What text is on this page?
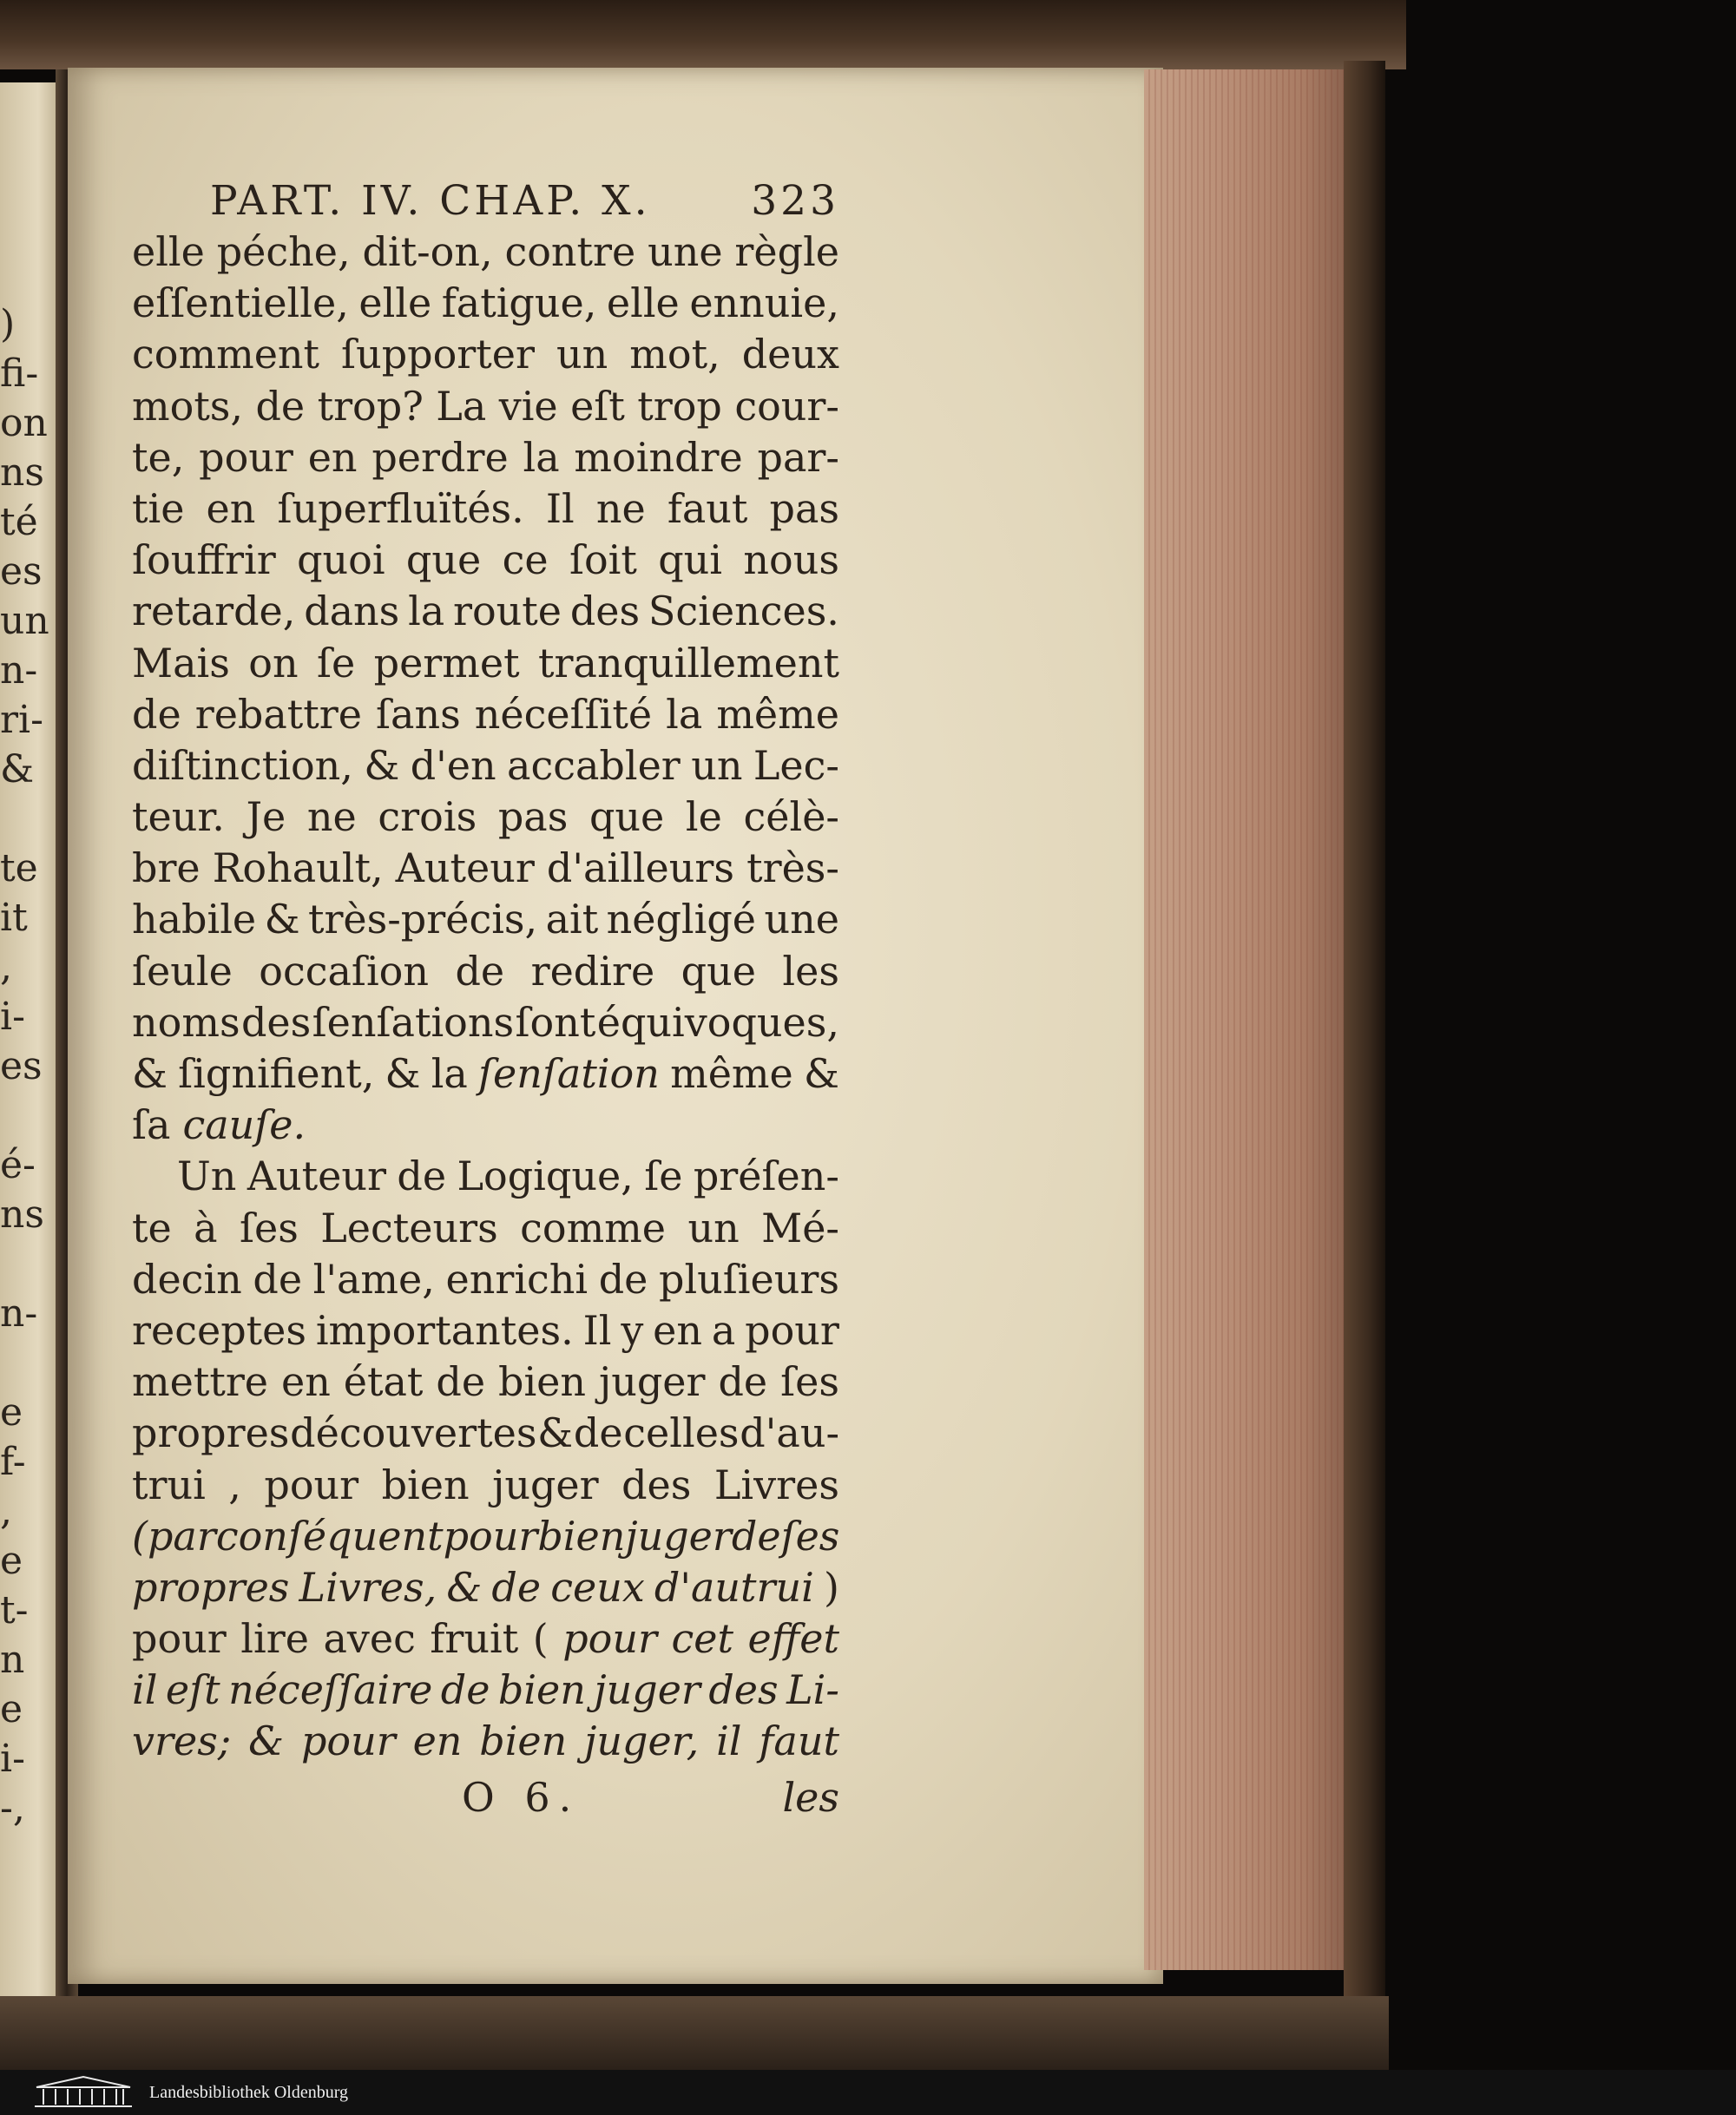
)
fi-
on
ns
té
es
un
n-
ri-
&
te
it
,
i-
es
é-
ns
n-
e
f-
,
e
t-
n
e
i-
-,
PART. IV. CHAP. X. 323
elle péche, dit-on, contre une règle
eſſentielle, elle fatigue, elle ennuie,
comment ſupporter un mot, deux
mots, de trop? La vie eſt trop cour-
te, pour en perdre la moindre par-
tie en ſuperfluïtés. Il ne faut pas
ſouffrir quoi que ce ſoit qui nous
retarde, dans la route des Sciences.
Mais on ſe permet tranquillement
de rebattre ſans néceſſité la même
diſtinction, & d'en accabler un Lec-
teur. Je ne crois pas que le célè-
bre Rohault, Auteur d'ailleurs très-
habile & très-précis, ait négligé une
ſeule occaſion de redire que les
noms des ſenſations ſont équivoques,
& ſignifient, & la ſenſation même &
ſa cauſe.
Un Auteur de Logique, ſe préſen-
te à ſes Lecteurs comme un Mé-
decin de l'ame, enrichi de pluſieurs
receptes importantes. Il y en a pour
mettre en état de bien juger de ſes
propres découvertes & de celles d'au-
trui , pour bien juger des Livres
(par conſéquent pour bien juger de ſes
propres Livres, & de ceux d'autrui )
pour lire avec fruit ( pour cet effet
il eſt néceſſaire de bien juger des Li-
vres; & pour en bien juger, il faut
O 6.	les
Landesbibliothek Oldenburg
